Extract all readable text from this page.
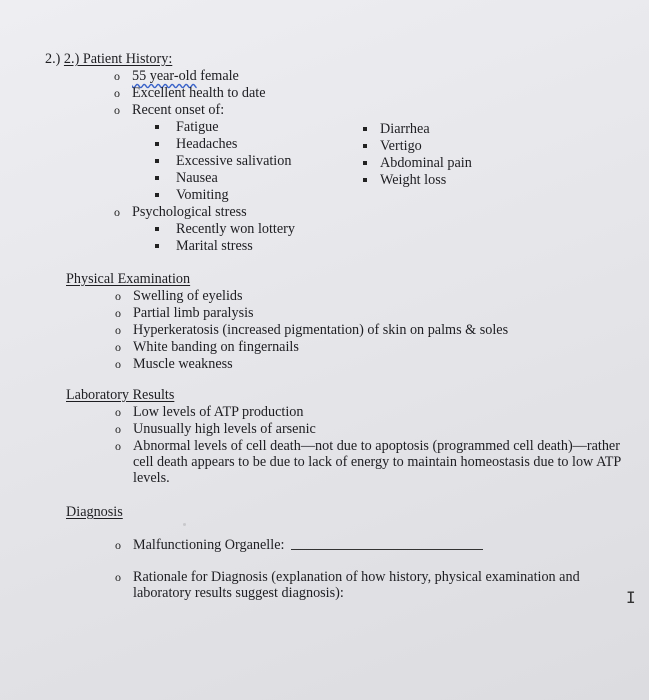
2.) 2.) Patient History:
o 55 year-old female
o Excellent health to date
o Recent onset of:
Fatigue
Headaches
Excessive salivation
Nausea
Vomiting
Diarrhea
Vertigo
Abdominal pain
Weight loss
o Psychological stress
Recently won lottery
Marital stress
Physical Examination
o Swelling of eyelids
o Partial limb paralysis
o Hyperkeratosis (increased pigmentation) of skin on palms & soles
o White banding on fingernails
o Muscle weakness
Laboratory Results
o Low levels of ATP production
o Unusually high levels of arsenic
o Abnormal levels of cell death—not due to apoptosis (programmed cell death)—rather cell death appears to be due to lack of energy to maintain homeostasis due to low ATP levels.
Diagnosis
o Malfunctioning Organelle:
o Rationale for Diagnosis (explanation of how history, physical examination and laboratory results suggest diagnosis):	I
